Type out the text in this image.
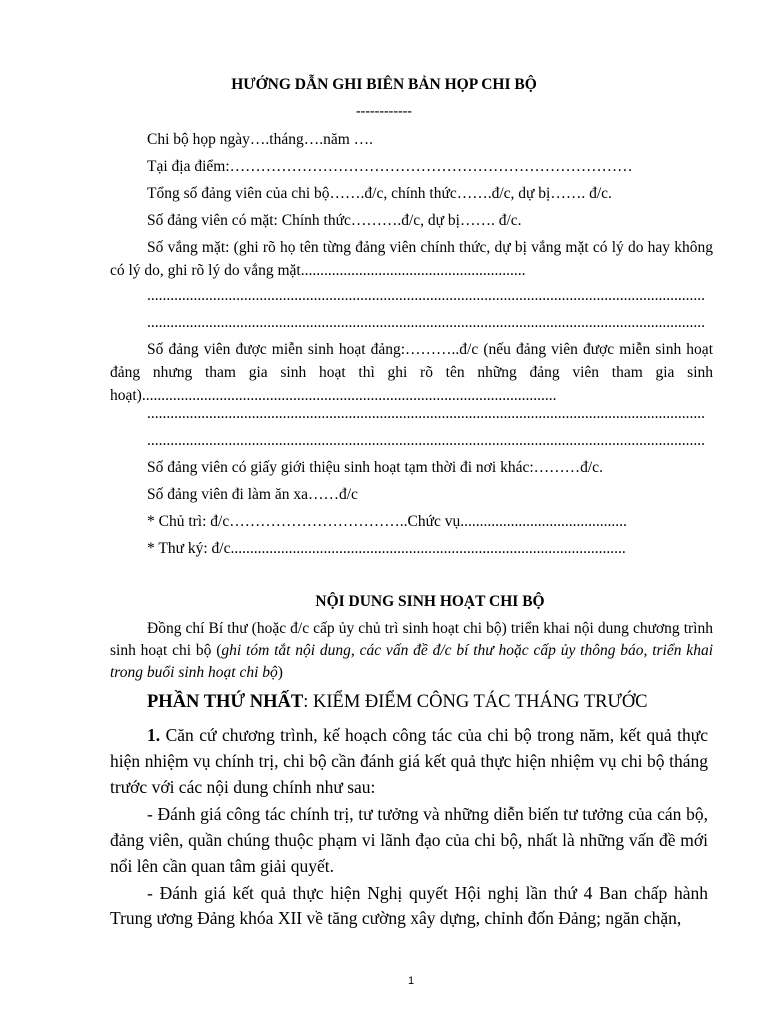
HƯỚNG DẪN GHI BIÊN BẢN HỌP CHI BỘ
------------
Chi bộ họp ngày….tháng….năm ….
Tại địa điểm:……………………………………………………………………
Tổng số đảng viên của chi bộ…….đ/c, chính thức…….đ/c, dự bị……. đ/c.
Số đảng viên có mặt: Chính thức……….đ/c, dự bị……. đ/c.
Số vắng mặt: (ghi rõ họ tên từng đảng viên chính thức, dự bị vắng mặt có lý do hay không có lý do, ghi rõ lý do vắng mặt..........................................................
................................................................................................................................................
................................................................................................................................................
Số đảng viên được miễn sinh hoạt đảng:………..đ/c (nếu đảng viên được miễn sinh hoạt đảng nhưng tham gia sinh hoạt thì ghi rõ tên những đảng viên tham gia sinh hoạt)...........................................................................................................
................................................................................................................................................
................................................................................................................................................
Số đảng viên có giấy giới thiệu sinh hoạt tạm thời đi nơi khác:………đ/c.
Số đảng viên đi làm ăn xa……đ/c
* Chủ trì: đ/c……………………………..Chức vụ...........................................
* Thư ký: đ/c......................................................................................................
NỘI DUNG SINH HOẠT CHI BỘ
Đồng chí Bí thư (hoặc đ/c cấp ủy chủ trì sinh hoạt chi bộ) triển khai nội dung chương trình sinh hoạt chi bộ (ghi tóm tắt nội dung, các vấn đề đ/c bí thư hoặc cấp ủy thông báo, triển khai trong buổi sinh hoạt chi bộ)
PHẦN THỨ NHẤT: KIỂM ĐIỂM CÔNG TÁC THÁNG TRƯỚC
1. Căn cứ chương trình, kế hoạch công tác của chi bộ trong năm, kết quả thực hiện nhiệm vụ chính trị, chi bộ cần đánh giá kết quả thực hiện nhiệm vụ chi bộ tháng trước với các nội dung chính như sau:
- Đánh giá công tác chính trị, tư tưởng và những diễn biến tư tưởng của cán bộ, đảng viên, quần chúng thuộc phạm vi lãnh đạo của chi bộ, nhất là những vấn đề mới nổi lên cần quan tâm giải quyết.
- Đánh giá kết quả thực hiện Nghị quyết Hội nghị lần thứ 4 Ban chấp hành Trung ương Đảng khóa XII về tăng cường xây dựng, chỉnh đốn Đảng; ngăn chặn,
1
